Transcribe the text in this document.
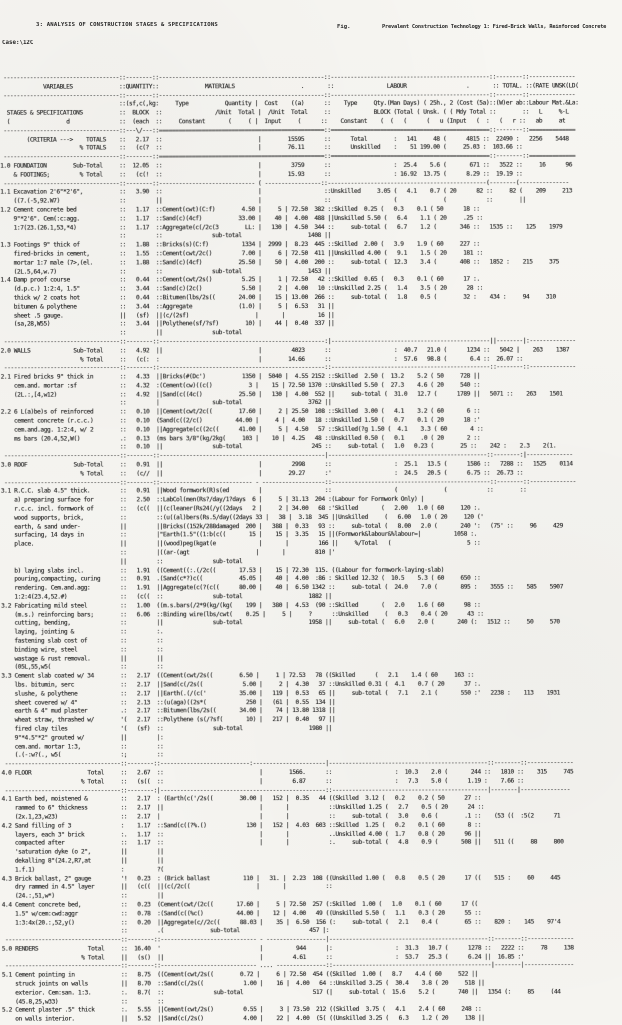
3: ANALYSIS OF CONSTRUCTION STAGES & SPECIFICATIONS	Fig.	Prevalent Construction Technology 1: Fired-Brick Walls, Reinforced Concrete
Case:\12C
-----------------------------------::--------::--------------------------------------------------::------------------------------------------------::--------::--------------
VARIABLES              ::QUANTITY::              MATERIALS                    .       ::                LABOUR                  .       :: TOTAL. ::(RATE UNSK(LD(
-----------------------------------::--------::--------------------------------------------------::------------------------------------------------::--------::--------------
::(sf,c(,kg:     Type           Quantity |  Cost    ((a)      ::    Type     Qty.(Man Days) ( 25h., 2 (Cost (5a)::(W)er ab::Labour Mat.&La:
STAGES & SPECIFICATIONS           ::  BLOCK  ::                /Unit  Total |  /Unit  Total     ::             BLOCK (Total ( Unsk. ( ( Mdy Total ::        ::   L     %-L
(                 d               ::  (each  ::     Constant       (     ( |  Input     (      ::    Constant    (  (   (      (   u (Input   (  :   (   r ::   ab     at
-----------------------------------::---\/---::==================================================::================================================::--------::==============
(CRITERIA --->    TOTALS    ::   2.17  ::                             |        15595      ::      Total        :   141     48 (      4815 ::  22490 :   2256    5448
% TOTALS    ::   (c(?  ::                             |        76.11      ::      Unskilled    :    51 199.00 (     25.03 :  103.66 ::
-----------------------------------::--------::==================================================::================================================::--------::==============
1.0 FOUNDATION        Sub-Total     ::  12.05  ::                             |         3759      ::                   :  25.4    5.6 (       671 ::   3522 ::     16      96
& FOOTINGS;         % Total     ::   (c(!  ::                             |        15.93      ::                   : 16.92  13.75 (      8.29 ::  19.19 ::
-----------------------------------::--------::----------------------------- ( -----------------::------------------------------------------------(--------(---------------
1.1 Excavation 2'6"*2'6",           ::   3.90  ::                             |                   ::Unskilled     3.05 (   4.1    0.7 ( 20      82 ::     82 (    209     213
((7.(-5,92.W7)                  ::         ||                             |                   ::                   (              (            ::        ||
1.2 Cement concrete bed             ::   1.17  ::Cement(cwt)(C:f)        4.50 |     5 | 72.50  382 ::Skilled  0.25 (   0.3    0.1 ( 50      18 ::
9"*2'6". Cem(:c:agg.            ::   1.17  ::Sand(c)(4cf)           33.00 |    40 |  4.00  488 ||Unskilled 5.50 (   6.4    1.1 ( 20     .25 ::
1:7(23.(26.1,53,*4)             ::   1.17  ::Aggregate(c(/2c(3        LL: |   130 |  4.50  344 ::     sub-total (   6.7    1.2 (       346 ::   1535 ::    125    1979
::         ::               sub-total                    1408 ||
1.3 Footings 9" thick of            ::   1.88  ::Bricks(s)(C:f)          1334 |  2999 |  8.23  445 ::Skilled  2.00 (   3.9    1.9 ( 60     227 ::
fired-bricks in cement,         ::   1.55  ::Cement(cwt/2c()         7.00 |     6 | 72.50  411 ||Unskilled 4.00 (   9.1    1.5 ( 20     181 ::
mortar 1:7 male (7>,(el.        ::   1.88  ::Sand(c)(4cf)           25.50 |    50 |  4.00  200 ::     sub-total (  12.3    3.4 (       408 ::   1852 :    215     375
(2L.5,64,w.7)                   ::         ::               sub-total                    1453 ||
1.4 Damp proof course               ::   0.44  ::Cement(cwt/2s()         5.25 |     1 | 72.50   42 ::Skilled  0.65 (   0.3    0.1 ( 60      17 :.
(d.p.c.) 1:2:4, 1.5"            ::   3.44  ::Sand(c)(2c()            5.50 |     2 |  4.00   10 ::Unskilled 2.25 (   1.4    3.5 ( 20      28 ::
thick w/ 2 coats hot            ::   0.44  ::Bitumen(lbs/2s((       24.00 |    15 | 13.00  266 ::     sub-total (   1.8    0.5 (        32 :    434 :     94     310
bitumen & polythene             ::   3.44  ::Aggregate              (1.0) |     5 |  6.53   31 ||
sheet .5 gauge.                 ||   (sf)  ||(c/(2sf)                    |       |          16 ||
(sa,28,W55)                     ::   3.44  ||Polythene(sf/?sf)        10) |    44 |  0.40  337 ||
::         ||               sub-total
-----------------------------------::--------::--------------------------------------------------:|------------------------------------------------||--------|:--------------
2.0 WALLS             Sub-Total     ::   4.92  ||                             |         4023      ::                   :  40.7   21.0 (      1234 ::   5042 |    263    1387
% Total     ::   (c(:  :                              |        14.66      ::                   :  57.6   98.8 (       6.4 ::  26.07 ::
-----------------------------------::--------::--------------------------------------------------::------------------------------------------------::--------::--------------
2.1 Fired bricks 9" thick in        ::   4.33  ||Bricks(#(Dc')           1350 |  5040 |  4.55 2152 ::Skilled  2.50 (  13.2    5.2 ( 50     728 ||
cem.and. mortar :sf             ::   4.32  :(Cement(cw)((c()           3 |    15 | 72.50 1370 ::Unskilled 5.50 (  27.3    4.6 ( 20     540 ::
(2L.:,[4,w12)                   ::   4.92  ||Sand(c((4c()           25.50 |   130 |  4.00  552 ||     sub-total (  31.0   12.7 (      1789 ||   5071 ::    263    1501
::         |                sub-total                    3762 ||
2.2 6 L(a)be)s of reinforced        ::   0.10  ||Cement(cwt/2c((        17.60 |     2 | 25.50  108 ::Skilled  3.00 (   4.1    3.2 ( 60       6 ::
cement concrete (r.c.c.)        ::   0.10  (Sand(c((2/c()          44.00 |     4 |  4.00   18 ::Unskilled 1.50 (   0.7    0.1 ( 20      18 :'
cem.and.agg. 1:2:4, w/ 2        ::   0.10  ||Aggregate(c((2c((      41.00 |     5 |  4.50   57 ::Skilled(?g 1.50 (  4.1    3.3 ( 60       4 ::
ms bars (20.4,52,W()            .:   0.13  (ms bars 3/8"(kg/2kg(     103 |    10 |  4.25   48 ::Unskilled 0.50 (   0.1     .0 ( 20       2 ::
::   0.10  ||               sub-total                     245 ::     sub-total (   1.0   0.23 (        25 ::    242 :    2.3    2(1.
-----------------------------------::--------::--------------------------------------------------|------------------------------------------------::--------:|--------------
3.0 ROOF              Sub-Total     ::   0.91  ||                             |         2998      ::                   :  25.1   13.5 (      1586 ::   7288 ::   1525    0114
% Total     ::   (c//  ||                             |        29.27      :'                   :  24.5   20.5 (      6.75 ::  26.73 ::
-----------------------------------::--------::---------------------------- - -------------------::------------------------------------------------::--------::--------------
3.1 R.C.C. slab 4.5" thick.         ::   0.91  ||Wood formwork(R)s(ed         |                   ::                   (              (            ::        ::
a) preparing surface for        ::   2.50  ::LabCol(men(Rs?/day/1?days  6 |     5 | 31.13  204 :(Labour for Formwork Only) |
r.c.c. incl. formwork of        ::   (c((  ||(c(leaner(Rs24(/y((2days   2 |     2 | 34.00   68 :'Skilled       (   2.00   1.0 ( 60     120 :.
wood supports, brick,           ::         ::(u((al)bers(Rs.5/day((2days 33 |   38 |  3.18  345 ||Unskilled     (   6.00   1.0 ( 20     120 ('
earth, & sand under-            ||         ||Bricks((152k/288damaged  200 |   388 |  0.33   93 ::     sub-total (   8.00   2.0 (       240 ':   (75' ::     96     429
surfacing, 14 days in           ::         |"Earth(1.5"((1:b(c((       15 |    15 |  3.35   15 ||(Formwork&labour&%labour=|          1058 :.
place.                          ||         ||(wood)peg(kgat(e             |       |         166 ||     %/Total   (                       5 ::
::         |((ar-(agt                    |       |         810 |'
||         ::               sub-total
b) laying slabs incl.           ::   1.91  ((Cement((:.(/2c((       17.53 |    15 | 72.30  115. ((Labour for formwork-laying-slab)
pouring,compacting, curing      ::   0.91  .(Sand(c*?)c((           45.05 |    40 |  4.00  :86 : Skilled 12.32 (  10.5    5.3 ( 60     650 ::
rendering. Cem.and.agg:         ::   1.91  ||Aggregate(c(?(c((      80.00 |    40 |  6.50 1342 ::     sub-total (  24.0    7.0 (       895 :    3555 ::    585    5907
1:2:4(23.4,52.#)                ::   (c((  ::               sub-total                    1882 ||
3.2 Fabricating mild steel          ::   1.00  ((m.s.bars(/2*9(kg/(kg(    199 |   380 |  4.53  (90 ::Skilled       (   2.0    1.6 ( 60      98 ::
(m.s.) reinforcing bars;        ::   6.06  ::Binding wire(lbs/cwt(    0.25 |     5 |     ?      ::Unskilled     (   0.3    0.4 ( 20      43 ::
cutting, bending,               ::         ||               sub-total                    1958 ||     sub-total (   6.0    2.0 (       240 (:   1512 ::     50     570
laying, jointing &              ::         :.
fastening slab cost of          ::         ::
binding wire, steel             ::         ::
wastage & rust removal.         ||         ||
(05L,55,w5(                     ::         ::
3.3 Cement slab coated w/ 34        ::   2.17  ((Cement(cwt/2s((        6.50 |     1 | 72.53   78 ((Skilled      (   2.1    1.4 ( 60     163 ::
lbs. bitumin, serc              ::   2.17  ||Sand(c(/2s((            5.00 |     2 |  4.30   37 ::Unskilled 0.31 (  4.1    0.7 ( 20      37 :.
slushe, & polythene             ::   2.17  ||Earth(.(/(c('          35.00 |   119 |  0.53   65 ||     sub-total (   7.1    2.1 (       550 :'   2238 :    113    1931
sheet covered w/ 4"             ::   2.13  ::(u(aga)((2s*(            250 |   (61 |  0.55  134 ||
earth & 4" mud plaster          .:   2.17  ::Bitumen(lbs/2s((       34.00 |    74 | 13.80 1318 ||
wheat straw, thrashed w/        '(   2.17  ::Polythene (s(/?sf(       10) |   217 |  0.40   97 ||
fired clay tiles                '(   (sf)  ::               sub-total                    1980 ||
9"*4.5"*2" grouted w/           ||         |:
cem.and. mortar 1:3,            ::         ::
(.(-:w?(., w5(                  :;         ::
-----------------------------------::--------::---------------------------:----------------------|------------------------------------------------::--------::--------------
4.0 FLOOR                 Total     ::   2.67  ::                             |        1566.      ::                   :  10.3    2.0 (       244 ::   1810 ::    315     745
% Total     ::   (s((  ::                             |         6.87      ::                   :   7.3    5.0 (      1.19 :    7.66 ::
-----------------------------------::--------:|--------------------------------------------------::-----------------------------------------------|--------|---------------
4.1 Earth bed, moistened &          ::   2.17  : (Earth(c('/2s((        30.00 |   152 |  0.35   44 ((Skilled  3.12 (   0.2    0.2 ( 50      27 ::
rammed to 6" thickness          ::   2.17  ||                             |       |            ::Unskilled 1.25 (   2.7    0.5 ( 20      24 ::
(2x.1,23,w23)                   ::   2.17  |                              |       |            ::     sub-total (   3.0    0.6 (        .1 ::    (53 ((  :5(2      71
4.2 Sand filling of 3               :    1.17  ::Sand(c((?%.()            130 |   152 |  4.03  603 ::Skilled  1.25 (   0.2    0.1 ( 60       8 ::
layers, each 3" brick           :.   1.17  ::                             |       |            ..Unskilled 4.00 (  1.7    0.8 ( 20      96 ||
compacted after                 ::   1.17  ::                             |       |            :.     sub-total (   4.8    0.9 (       508 ||    511 ((     88     800
'saturation dyke (o 2",         ||         ||
dekalling 8"(24.2,R7,at         ||         ||
1.f.1)                          :          ?(
4.3 Brick ballast, 2" gauge         '!   0.23  : (Brick ballast          110 |   31. |  2.23  108 ((Unskilled 1.00 (   0.8    0.5 ( 20      17 ((    515 :     60     445
dry rammed in 4.5" layer        ||   (c((  ||(c(/2c((                    |       |            ::
(24.:,51,w*)                    ::         ||
4.4 Cement concrete bed,            ::   0.23  (Cement(cwt/(2c((       17.60 |     5 | 72.50  257 (:Skilled  1.00 (   1.0    0.1 ( 60      17 ((
1.5" w/cem:cwd:aggr             ::   0.78  :(Sand(c((%c()          44.00 |    12 |  4.00   49 ((Unskilled 5.50 (   1.1    0.3 ( 20      55 ::
1:3:4x(20.:,52,y()              ::   0.20  ||Aggregate(c//2c((      88.03 |    35 |  6.50  156 (:     sub-total (   2.1    0.4 (        65 ::    820 :    145    97'4
::         .(              sub-total                     457 |:
-----------------------------------::--------::----------------------------- - ------------------|------------------------------------------------::--------::--------------
5.0 RENDERS               Total     ::  16.40  '                              |          944      |:                   :  31.3   10.7 (      1278 ::   2222 ::     78     138
% Total     ||   (s()  ||                             |         4.61      ::                   :  53.7   25.3 (      6.24 ||  16.85 :'
-----------------------------------::--------::----------------------------- .... ---------------::------------------------------------------------|--------|---------------
5.1 Cement pointing in              ::   8.75  ((Cement(cwt/2s((        0.72 |     6 | 72.50  454 ((Skilled  1.00 (   8.7    4.4 ( 60     522 ||
struck joints on walls          ||   8.70  ::Sand(c(/2s((            1.00 |    16 |  4.00   64 ::Unskilled 3.25 (  30.4    3.8 ( 20     518 ||
exterior. Cem:san. 1:3.         :.   8.7(  ::               sub-total                     517 (|     sub-total (  15.6    5.2 (       740 ||   1354 (:     85     (44
(45.8,25,w33)                   ::         ::
5.2 Cement plaster .5" thick        :.   5.55  ||Cement(cwt/2s()         0.55 |     3 | 73.50  212 ((Skilled  3.75 (   4.1    2.4 ( 60     248 ::
on walls interior.              ||   5.52  ||Sand(c(/2s()            4.00 |    22 |  4.00  (5( ((Unskilled 3.25 (   6.3    1.2 ( 20     138 ||
